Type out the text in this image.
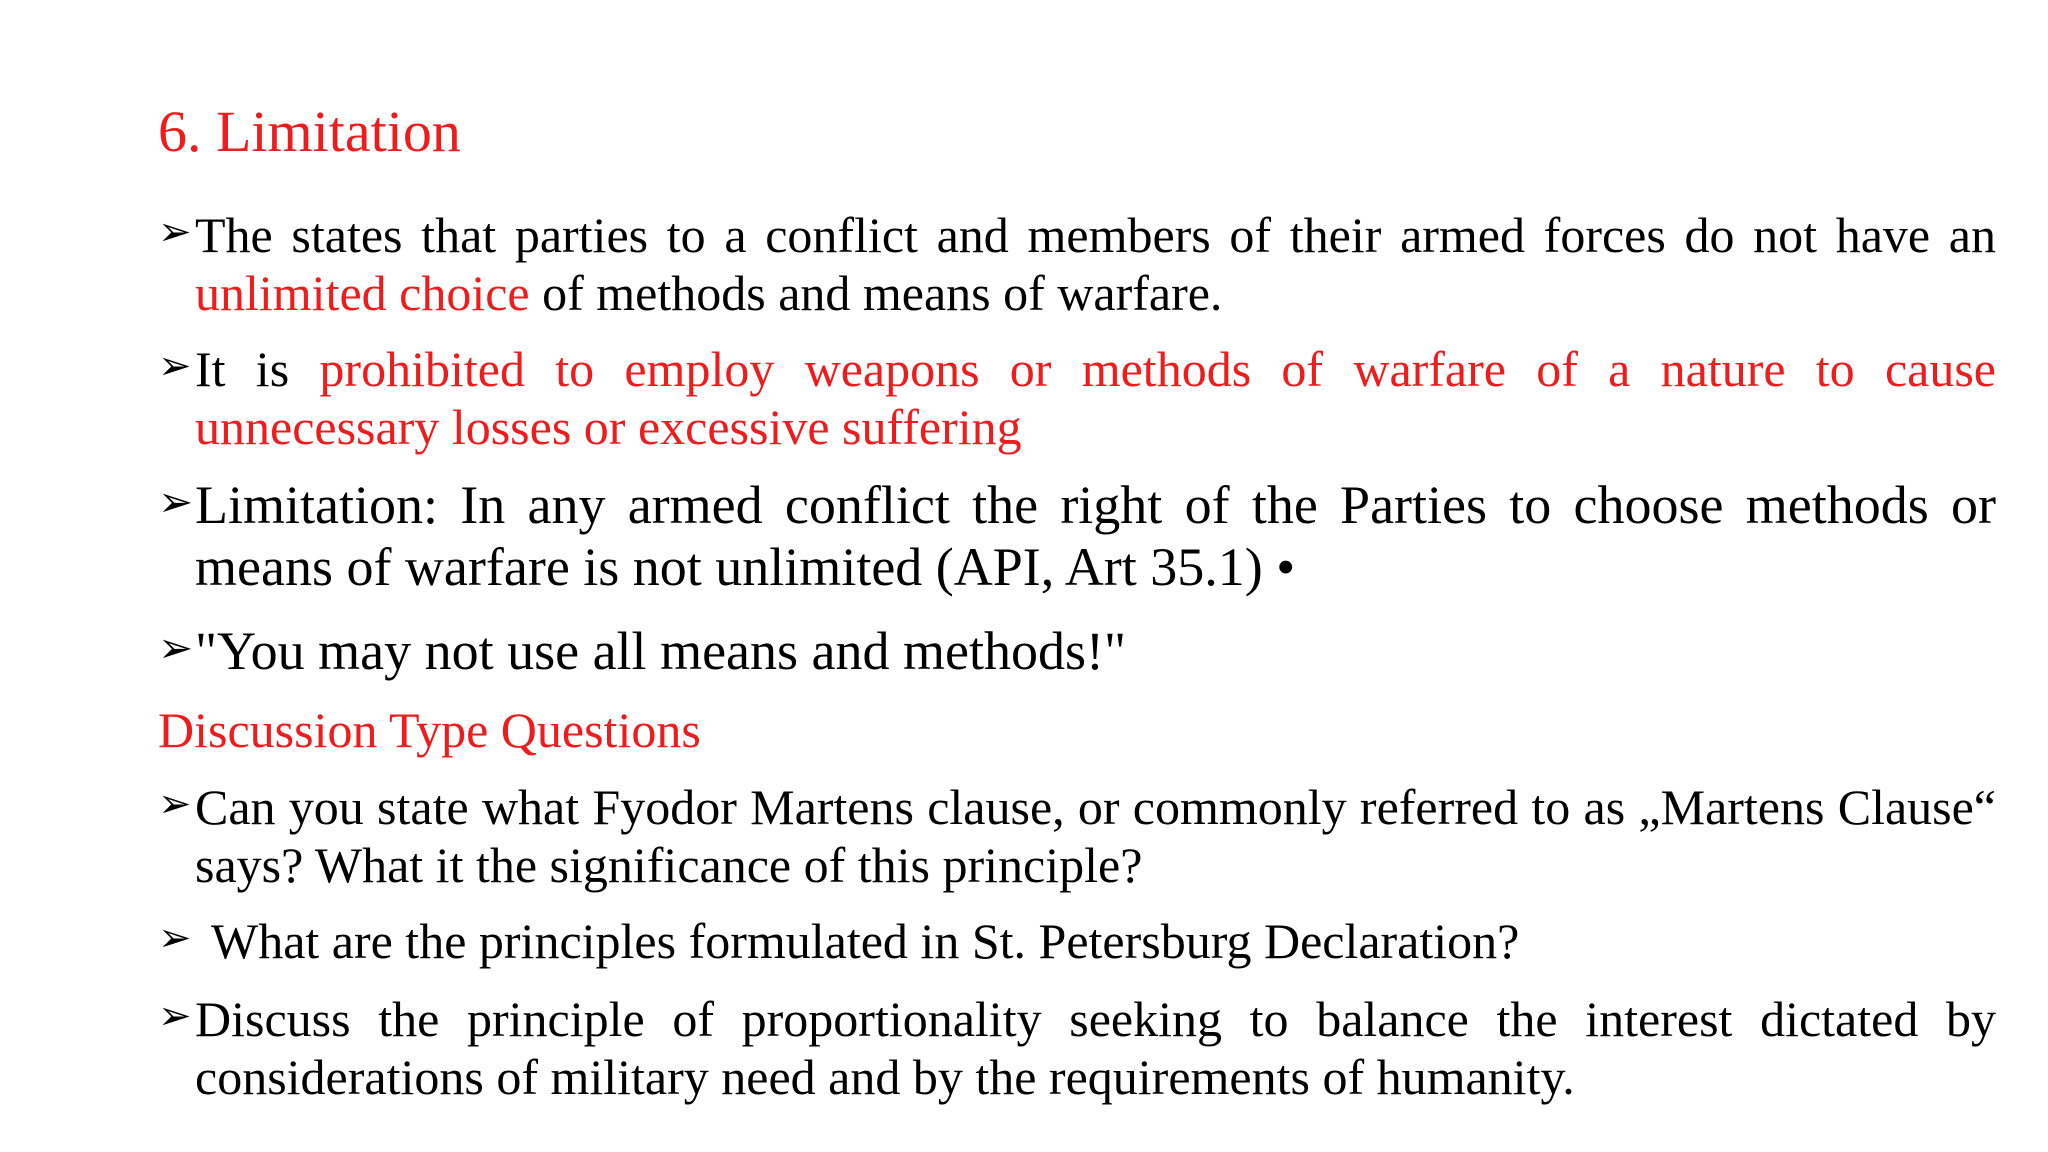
6. Limitation
➢ The states that parties to a conflict and members of their armed forces do not have an unlimited choice of methods and means of warfare.
➢ It is prohibited to employ weapons or methods of warfare of a nature to cause unnecessary losses or excessive suffering
➢ Limitation: In any armed conflict the right of the Parties to choose methods or means of warfare is not unlimited (API, Art 35.1) •
➢ "You may not use all means and methods!"
Discussion Type Questions
➢ Can you state what Fyodor Martens clause, or commonly referred to as „Martens Clause“ says? What it the significance of this principle?
➢ What are the principles formulated in St. Petersburg Declaration?
➢ Discuss the principle of proportionality seeking to balance the interest dictated by considerations of military need and by the requirements of humanity.
